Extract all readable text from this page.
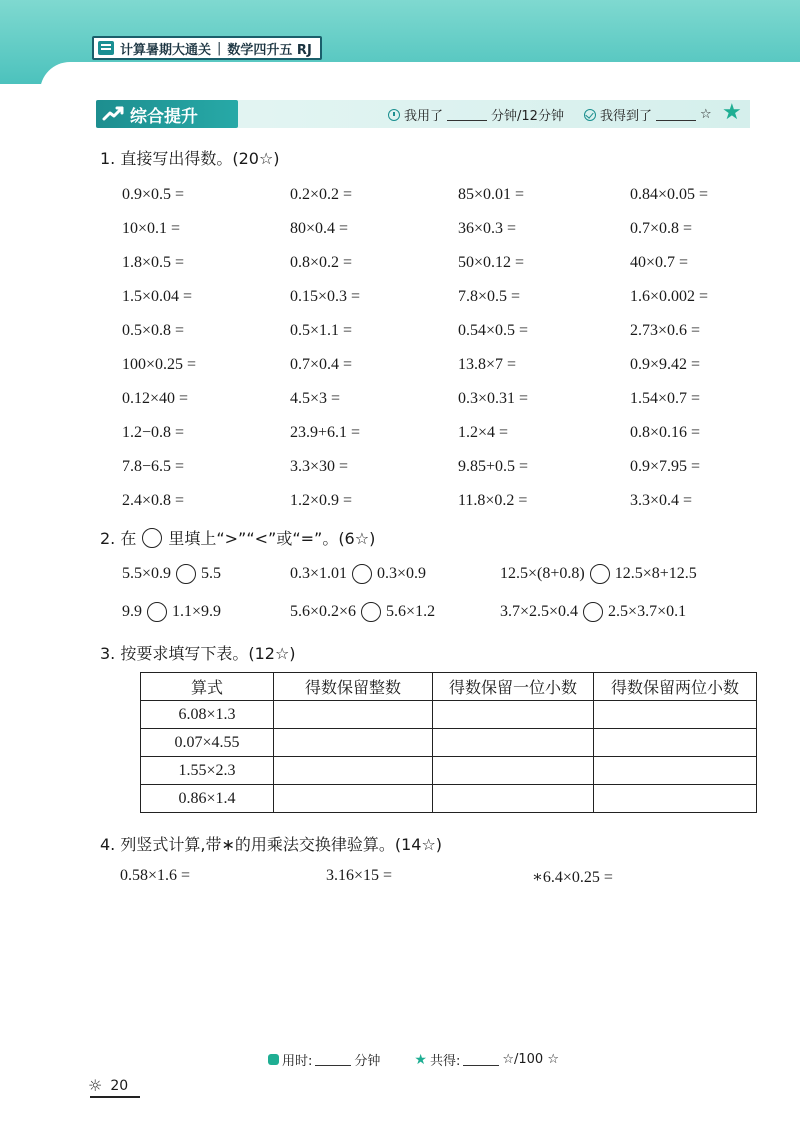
计算暑期大通关 | 数学四升五 RJ
综合提升	我用了	分钟/12分钟	我得到了	☆ ★
1. 直接写出得数。(20☆)
0.9×0.5 =	0.2×0.2 =	85×0.01 =	0.84×0.05 =
10×0.1 =	80×0.4 =	36×0.3 =	0.7×0.8 =
1.8×0.5 =	0.8×0.2 =	50×0.12 =	40×0.7 =
1.5×0.04 =	0.15×0.3 =	7.8×0.5 =	1.6×0.002 =
0.5×0.8 =	0.5×1.1 =	0.54×0.5 =	2.73×0.6 =
100×0.25 =	0.7×0.4 =	13.8×7 =	0.9×9.42 =
0.12×40 =	4.5×3 =	0.3×0.31 =	1.54×0.7 =
1.2−0.8 =	23.9+6.1 =	1.2×4 =	0.8×0.16 =
7.8−6.5 =	3.3×30 =	9.85+0.5 =	0.9×7.95 =
2.4×0.8 =	1.2×0.9 =	11.8×0.2 =	3.3×0.4 =
2. 在 里填上“>”“<”或“=”。(6☆)
5.5×0.9 5.5	0.3×1.01 0.3×0.9	12.5×(8+0.8) 12.5×8+12.5
9.9 1.1×9.9	5.6×0.2×6 5.6×1.2	3.7×2.5×0.4 2.5×3.7×0.1
3. 按要求填写下表。(12☆)
算式	得数保留整数	得数保留一位小数	得数保留两位小数
6.08×1.3			
0.07×4.55			
1.55×2.3			
0.86×1.4			
4. 列竖式计算,带∗的用乘法交换律验算。(14☆)
0.58×1.6 =	3.16×15 =	∗6.4×0.25 =
用时:	分钟 ★ 共得:	☆/100 ☆
☼ 20
